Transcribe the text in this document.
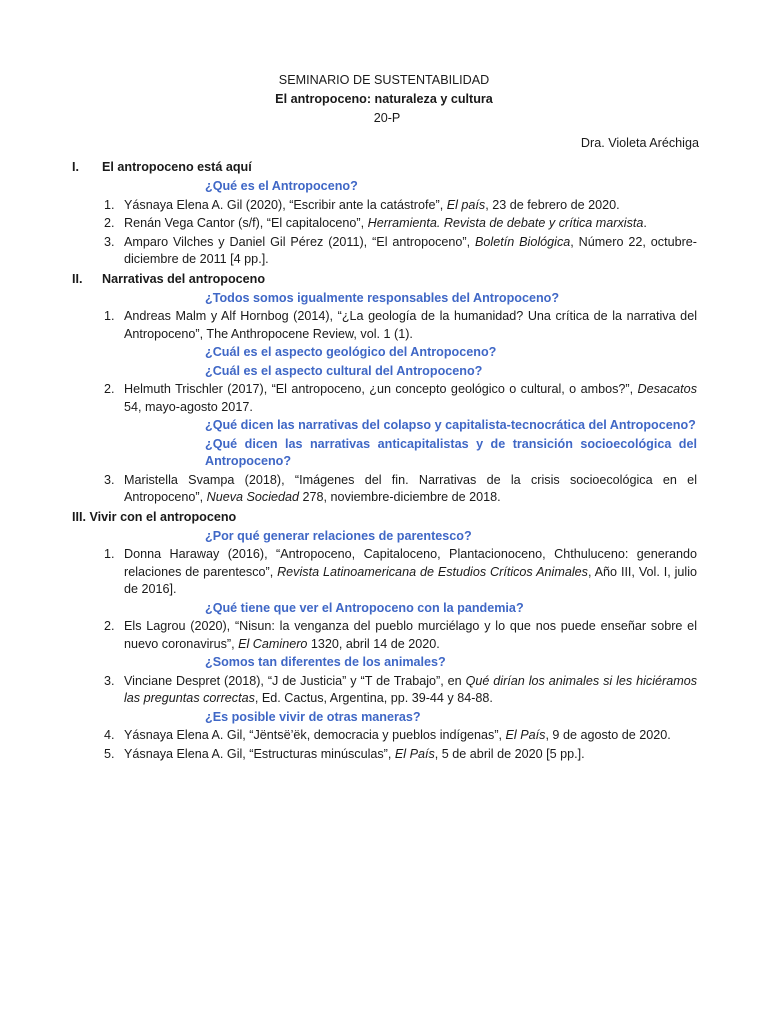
SEMINARIO DE SUSTENTABILIDAD
El antropoceno: naturaleza y cultura
20-P
Dra. Violeta Aréchiga
I. El antropoceno está aquí
¿Qué es el Antropoceno?
1. Yásnaya Elena A. Gil (2020), “Escribir ante la catástrofe”, El país, 23 de febrero de 2020.
2. Renán Vega Cantor (s/f), “El capitaloceno”, Herramienta. Revista de debate y crítica marxista.
3. Amparo Vilches y Daniel Gil Pérez (2011), “El antropoceno”, Boletín Biológica, Número 22, octubre-diciembre de 2011 [4 pp.].
II. Narrativas del antropoceno
¿Todos somos igualmente responsables del Antropoceno?
1. Andreas Malm y Alf Hornbog (2014), “¿La geología de la humanidad? Una crítica de la narrativa del Antropoceno”, The Anthropocene Review, vol. 1 (1).
¿Cuál es el aspecto geológico del Antropoceno?
¿Cuál es el aspecto cultural del Antropoceno?
2. Helmuth Trischler (2017), “El antropoceno, ¿un concepto geológico o cultural, o ambos?”, Desacatos 54, mayo-agosto 2017.
¿Qué dicen las narrativas del colapso y capitalista-tecnocrática del Antropoceno?
¿Qué dicen las narrativas anticapitalistas y de transición socioecológica del Antropoceno?
3. Maristella Svampa (2018), “Imágenes del fin. Narrativas de la crisis socioecológica en el Antropoceno”, Nueva Sociedad 278, noviembre-diciembre de 2018.
III. Vivir con el antropoceno
¿Por qué generar relaciones de parentesco?
1. Donna Haraway (2016), “Antropoceno, Capitaloceno, Plantacionoceno, Chthuluceno: generando relaciones de parentesco”, Revista Latinoamericana de Estudios Críticos Animales, Año III, Vol. I, julio de 2016].
¿Qué tiene que ver el Antropoceno con la pandemia?
2. Els Lagrou (2020), “Nisun: la venganza del pueblo murciélago y lo que nos puede enseñar sobre el nuevo coronavirus”, El Caminero 1320, abril 14 de 2020.
¿Somos tan diferentes de los animales?
3. Vinciane Despret (2018), “J de Justicia” y “T de Trabajo”, en Qué dirían los animales si les hiciéramos las preguntas correctas, Ed. Cactus, Argentina, pp. 39-44 y 84-88.
¿Es posible vivir de otras maneras?
4. Yásnaya Elena A. Gil, “Jëntsë’ëk, democracia y pueblos indígenas”, El País, 9 de agosto de 2020.
5. Yásnaya Elena A. Gil, “Estructuras minúsculas”, El País, 5 de abril de 2020 [5 pp.].
